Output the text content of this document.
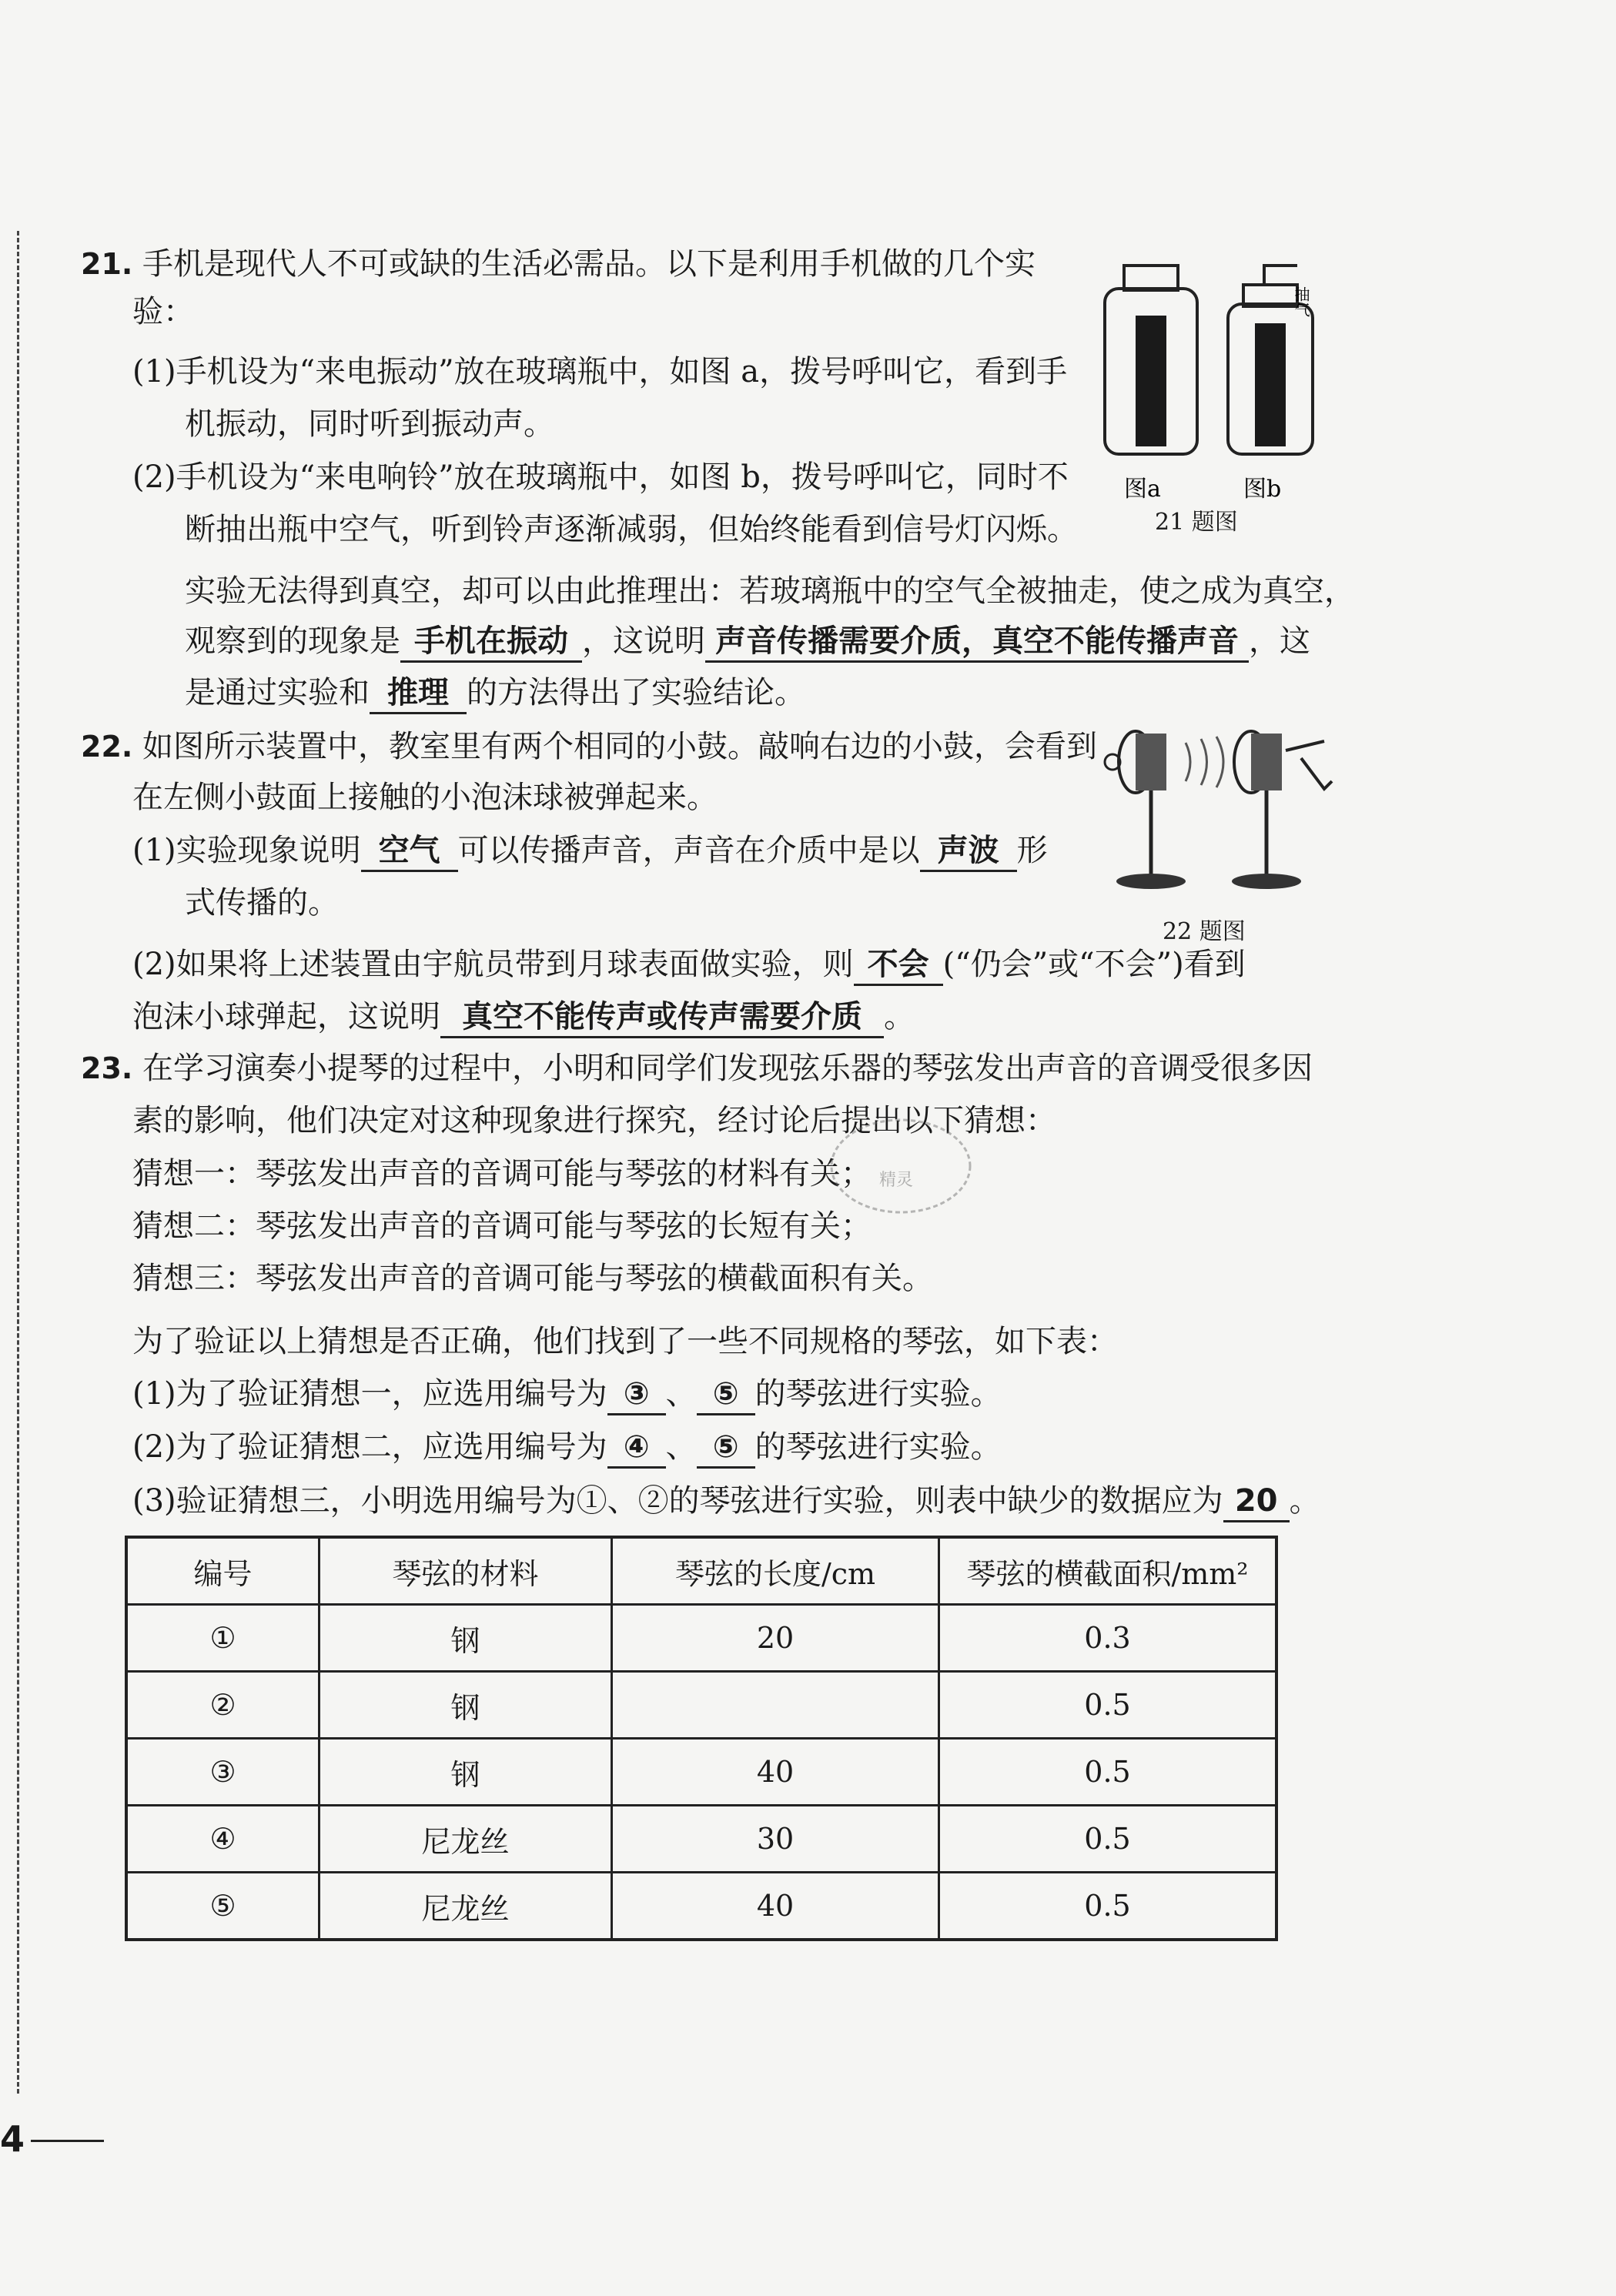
21. 手机是现代人不可或缺的生活必需品。以下是利用手机做的几个实
验：
(1)手机设为“来电振动”放在玻璃瓶中，如图 a，拨号呼叫它，看到手
机振动，同时听到振动声。
(2)手机设为“来电响铃”放在玻璃瓶中，如图 b，拨号呼叫它，同时不
断抽出瓶中空气，听到铃声逐渐减弱，但始终能看到信号灯闪烁。
实验无法得到真空，却可以由此推理出：若玻璃瓶中的空气全被抽走，使之成为真空，
观察到的现象是 手机在振动 ，这说明 声音传播需要介质，真空不能传播声音 ，这
是通过实验和 推理 的方法得出了实验结论。
抽气
图a	图b
21 题图
22. 如图所示装置中，教室里有两个相同的小鼓。敲响右边的小鼓，会看到
在左侧小鼓面上接触的小泡沫球被弹起来。
(1)实验现象说明 空气 可以传播声音，声音在介质中是以 声波 形
式传播的。
(2)如果将上述装置由宇航员带到月球表面做实验，则 不会 (“仍会”或“不会”)看到
泡沫小球弹起，这说明 真空不能传声或传声需要介质 。
22 题图
23. 在学习演奏小提琴的过程中，小明和同学们发现弦乐器的琴弦发出声音的音调受很多因
素的影响，他们决定对这种现象进行探究，经讨论后提出以下猜想：
猜想一：琴弦发出声音的音调可能与琴弦的材料有关；
猜想二：琴弦发出声音的音调可能与琴弦的长短有关；
猜想三：琴弦发出声音的音调可能与琴弦的横截面积有关。
为了验证以上猜想是否正确，他们找到了一些不同规格的琴弦，如下表：
(1)为了验证猜想一，应选用编号为 ③ 、 ⑤ 的琴弦进行实验。
(2)为了验证猜想二，应选用编号为 ④ 、 ⑤ 的琴弦进行实验。
(3)验证猜想三，小明选用编号为①、②的琴弦进行实验，则表中缺少的数据应为 20 。
精灵
编号	琴弦的材料	琴弦的长度/cm	琴弦的横截面积/mm²
①	钢	20	0.3
②	钢		0.5
③	钢	40	0.5
④	尼龙丝	30	0.5
⑤	尼龙丝	40	0.5
4
